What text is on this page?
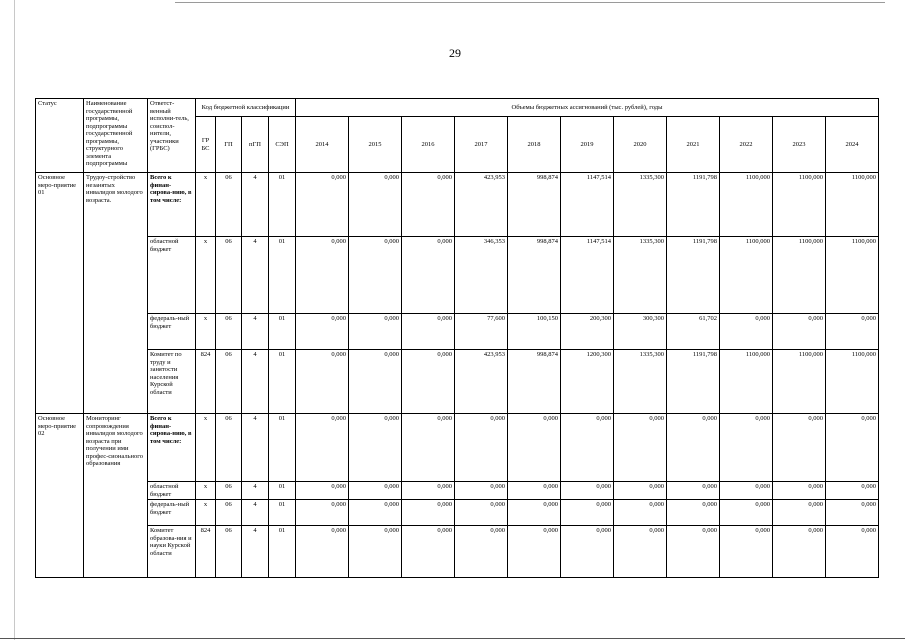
29
Статус	Наименование государственной программы, подпрограммы государственной программы, структурного элемента подпрограммы	Ответст-венный исполни-тель, соиспол-нители, участники (ГРБС)	Код бюджетной классификации				Объемы бюджетных ассигнований (тыс. рублей), годы										
			ГР БС	ГП	пГП	СЭП	2014	2015	2016	2017	2018	2019	2020	2021	2022	2023	2024
Основное меро-приятие 01	Трудоу-стройство незанятых инвалидов молодого возраста.	Всего к финан-сирова-нию, в том числе:	х	06	4	01	0,000	0,000	0,000	423,953	998,874	1147,514	1335,300	1191,798	1100,000	1100,000	1100,000
		областной бюджет	х	06	4	01	0,000	0,000	0,000	346,353	998,874	1147,514	1335,300	1191,798	1100,000	1100,000	1100,000
		федераль-ный бюджет	х	06	4	01	0,000	0,000	0,000	77,600	100,150	200,300	300,300	61,702	0,000	0,000	0,000
		Комитет по труду и занятости населения Курской области	824	06	4	01	0,000	0,000	0,000	423,953	998,874	1200,300	1335,300	1191,798	1100,000	1100,000	1100,000
Основное меро-приятие 02	Мониторинг сопровождения инвалидов молодого возраста при получении ими профес-сионального образования	Всего к финан-сирова-нию, в том числе:	х	06	4	01	0,000	0,000	0,000	0,000	0,000	0,000	0,000	0,000	0,000	0,000	0,000
		областной бюджет	х	06	4	01	0,000	0,000	0,000	0,000	0,000	0,000	0,000	0,000	0,000	0,000	0,000
		федераль-ный бюджет	х	06	4	01	0,000	0,000	0,000	0,000	0,000	0,000	0,000	0,000	0,000	0,000	0,000
		Комитет образова-ния и науки Курской области	824	06	4	01	0,000	0,000	0,000	0,000	0,000	0,000	0,000	0,000	0,000	0,000	0,000
